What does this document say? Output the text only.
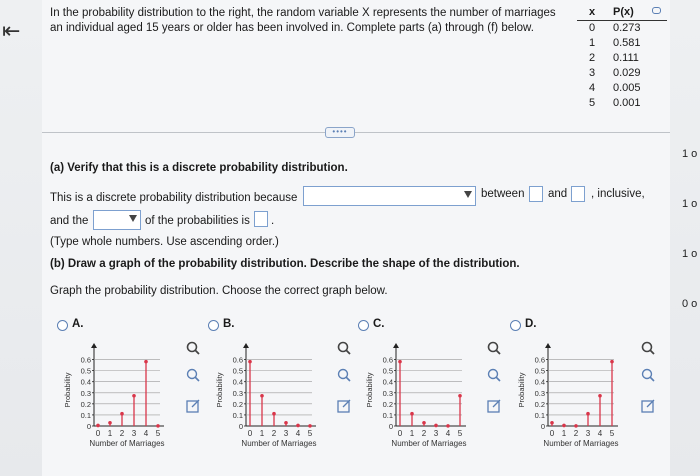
⇤
In the probability distribution to the right, the random variable X represents the number of marriages an individual aged 15 years or older has been involved in. Complete parts (a) through (f) below.
x	P(x)
0	0.273
1	0.581
2	0.111
3	0.029
4	0.005
5	0.001
••••
(a) Verify that this is a discrete probability distribution.
This is a discrete probability distribution because	between and , inclusive,
and the	of the probabilities is .
(Type whole numbers. Use ascending order.)
(b) Draw a graph of the probability distribution. Describe the shape of the distribution.
Graph the probability distribution. Choose the correct graph below.
A.	B.	C.	D.
0
0.1
0.2
0.3
0.4
0.5
0.6
0 1 2 3 4 5
Number of Marriages
Probability
0
0.1
0.2
0.3
0.4
0.5
0.6
0 1 2 3 4 5
Number of Marriages
Probability
0
0.1
0.2
0.3
0.4
0.5
0.6
0 1 2 3 4 5
Number of Marriages
Probability
0
0.1
0.2
0.3
0.4
0.5
0.6
0 1 2 3 4 5
Number of Marriages
Probability
1 o
1 o
1 o
0 o
